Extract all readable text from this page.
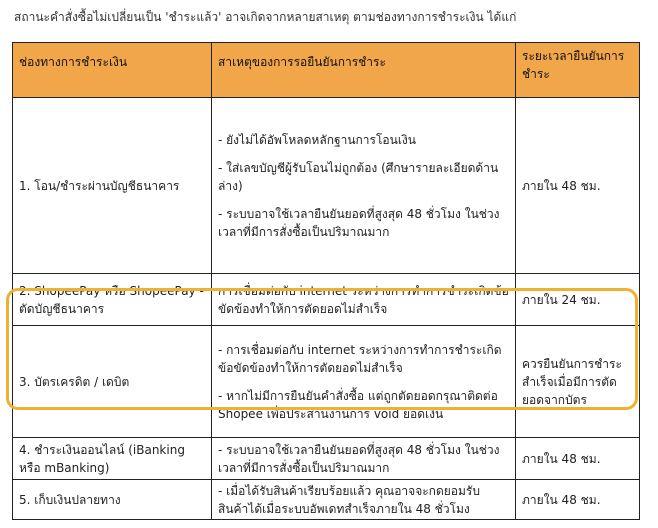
สถานะคำสั่งซื้อไม่เปลี่ยนเป็น 'ชำระแล้ว' อาจเกิดจากหลายสาเหตุ ตามช่องทางการชำระเงิน ได้แก่
ช่องทางการชำระเงิน	สาเหตุของการรอยืนยันการชำระ	ระยะเวลายืนยันการชำระ
1. โอน/ชำระผ่านบัญชีธนาคาร

- ยังไม่ได้อัพโหลดหลักฐานการโอนเงิน

- ใส่เลขบัญชีผู้รับโอนไม่ถูกต้อง (ศึกษารายละเอียดด้านล่าง)

- ระบบอาจใช้เวลายืนยันยอดที่สูงสุด 48 ชั่วโมง ในช่วงเวลาที่มีการสั่งซื้อเป็นปริมาณมาก

ภายใน 48 ชม.
2. ShopeePay หรือ ShopeePay - ตัดบัญชีธนาคาร

การเชื่อมต่อกับ internet ระหว่างการทำการชำระเกิดข้อขัดข้องทำให้การตัดยอดไม่สำเร็จ

ภายใน 24 ชม.
3. บัตรเครดิต / เดบิต

- การเชื่อมต่อกับ internet ระหว่างการทำการชำระเกิดข้อขัดข้องทำให้การตัดยอดไม่สำเร็จ

- หากไม่มีการยืนยันคำสั่งซื้อ แต่ถูกตัดยอดกรุณาติดต่อ Shopee เพื่อประสานงานการ void ยอดเงิน

ควรยืนยันการชำระสำเร็จเมื่อมีการตัดยอดจากบัตร
4. ชำระเงินออนไลน์ (iBanking หรือ mBanking)

- ระบบอาจใช้เวลายืนยันยอดที่สูงสุด 48 ชั่วโมง ในช่วงเวลาที่มีการสั่งซื้อเป็นปริมาณมาก

ภายใน 48 ชม.
5. เก็บเงินปลายทาง

- เมื่อได้รับสินค้าเรียบร้อยแล้ว คุณอาจจะกดยอมรับสินค้าได้เมื่อระบบอัพเดทสำเร็จภายใน 48 ชั่วโมง

ภายใน 48 ชม.
